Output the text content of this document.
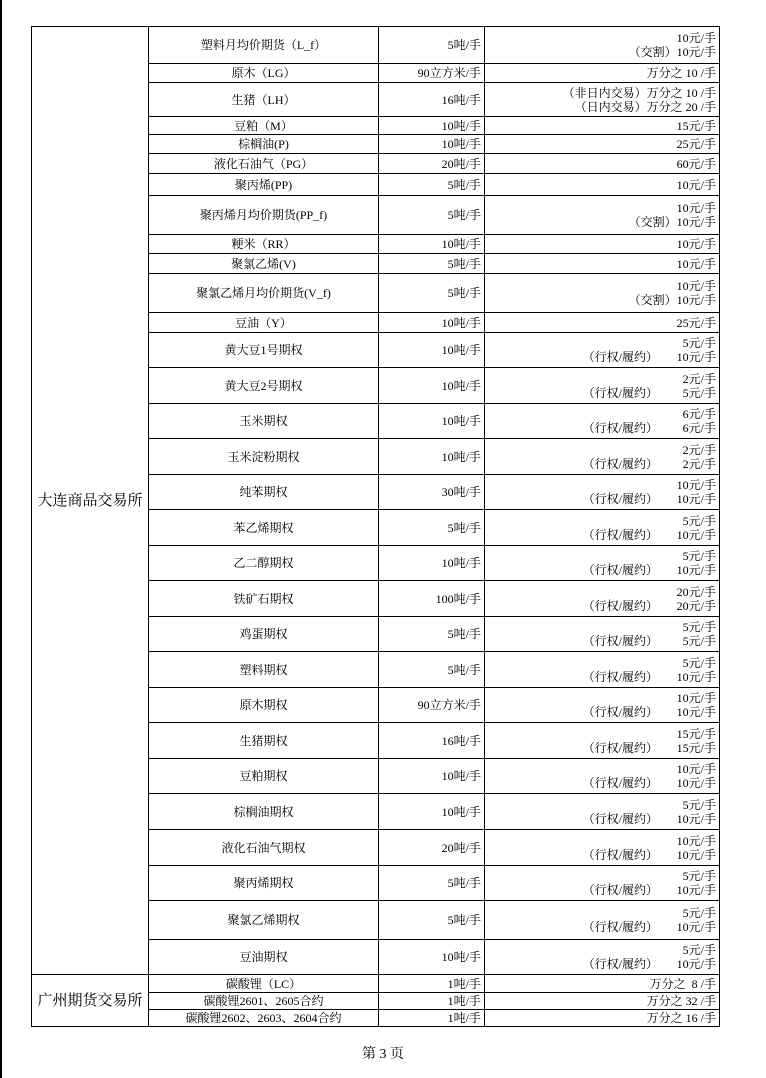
大连商品交易所	塑料月均价期货（L_f）	5吨/手	10元/手
（交割）10元/手

	原木（LG）	90立方米/手	万分之 10 /手

	生猪（LH）	16吨/手	（非日内交易）万分之 10 /手
（日内交易）万分之 20 /手

	豆粕（M）	10吨/手	15元/手

	棕榈油(P)	10吨/手	25元/手

	液化石油气（PG）	20吨/手	60元/手

	聚丙烯(PP)	5吨/手	10元/手

	聚丙烯月均价期货(PP_f)	5吨/手	10元/手
（交割）10元/手

	粳米（RR）	10吨/手	10元/手

	聚氯乙烯(V)	5吨/手	10元/手

	聚氯乙烯月均价期货(V_f)	5吨/手	10元/手
（交割）10元/手

	豆油（Y）	10吨/手	25元/手

	黄大豆1号期权	10吨/手	5元/手
（行权/履约） 10元/手

	黄大豆2号期权	10吨/手	2元/手
（行权/履约） 5元/手

	玉米期权	10吨/手	6元/手
（行权/履约） 6元/手

	玉米淀粉期权	10吨/手	2元/手
（行权/履约） 2元/手

	纯苯期权	30吨/手	10元/手
（行权/履约） 10元/手

	苯乙烯期权	5吨/手	5元/手
（行权/履约） 10元/手

	乙二醇期权	10吨/手	5元/手
（行权/履约） 10元/手

	铁矿石期权	100吨/手	20元/手
（行权/履约） 20元/手

	鸡蛋期权	5吨/手	5元/手
（行权/履约） 5元/手

	塑料期权	5吨/手	5元/手
（行权/履约） 10元/手

	原木期权	90立方米/手	10元/手
（行权/履约） 10元/手

	生猪期权	16吨/手	15元/手
（行权/履约） 15元/手

	豆粕期权	10吨/手	10元/手
（行权/履约） 10元/手

	棕榈油期权	10吨/手	5元/手
（行权/履约） 10元/手

	液化石油气期权	20吨/手	10元/手
（行权/履约） 10元/手

	聚丙烯期权	5吨/手	5元/手
（行权/履约） 10元/手

	聚氯乙烯期权	5吨/手	5元/手
（行权/履约） 10元/手

	豆油期权	10吨/手	5元/手
（行权/履约） 10元/手

广州期货交易所	碳酸锂（LC）	1吨/手	万分之  8 /手

	碳酸锂2601、2605合约	1吨/手	万分之 32 /手

	碳酸锂2602、2603、2604合约	1吨/手	万分之 16 /手
第 3 页
